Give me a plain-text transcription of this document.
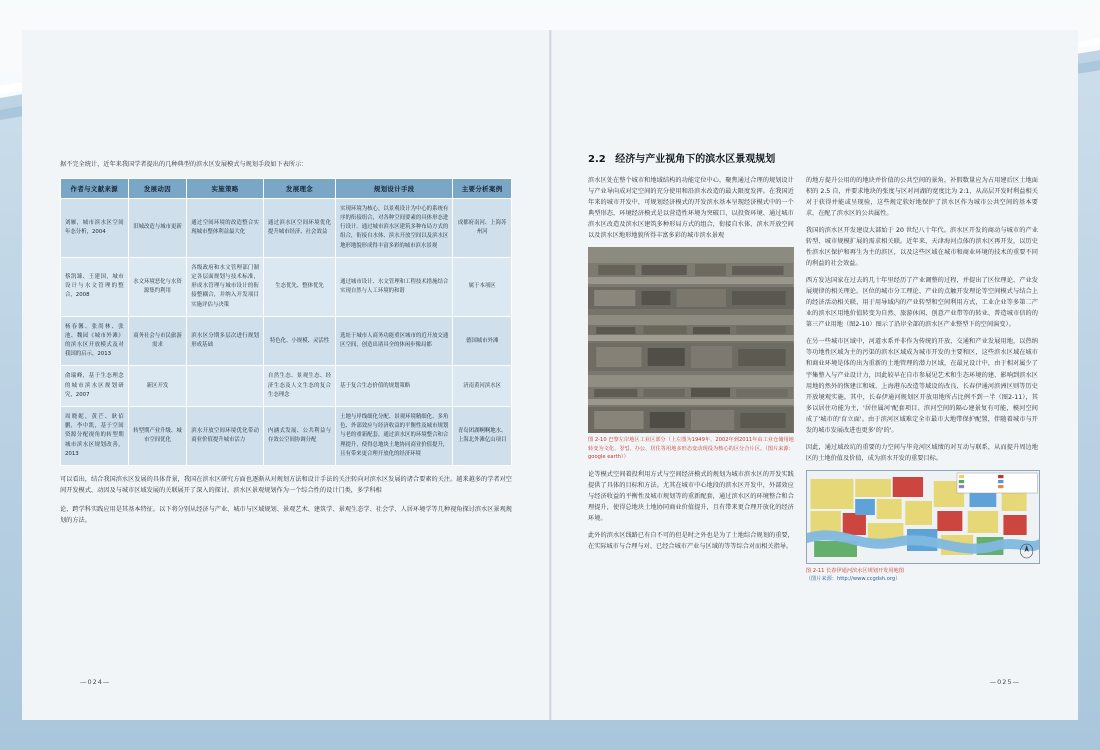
据不完全统计，近年来我国学者提出的几种典型的滨水区发展模式与规划手段如下表所示：

作者与文献来源	发展动因	实施策略	发展理念	规划设计手段	主要分析案例
刘雁，城市滨水区空间年态分析，2004	旧城改造与城市更新	通过空间环境的改造整合实现城市整体利益最大化	通过滨水区空间环境优化提升城市经济、社会效益	实现环境为核心，以景观设计为中心的系统有序的衔接组合，对各种空间要素的具体形态进行设计。通过城市滨水区建筑多种布局方式的组合，衔接自水体、滨水开放空间以及滨水区地形地貌形成得丰富多彩的城市滨水景观	成都府南河、上海苏州河
蔡凯臻、王建国，城市设计与水文管理的整合，2008	水文环境恶化与水资源集约利用	各级政府和水文管理部门制定各层面规划与技术标准，形成水管理与城市设计的衔接整耦合，并纳入开发项目实施评估与决策	生态优先、整体优先	通过城市设计、水文管理和工程技术措施结合实现自然与人工环境的和谐	属于本项区
杨春馨、张尚林、张池、魏园《城市外滩》的滨水区开放模式及对我国的启示，2013	商务社会与市民旅游需求	滨水区分期多层次进行规划形成基础	特色化、小规模、灵活性	选址于城市人商务功能重区城市的近开放交通区空间，创造出诸具全的休闲步像局都	德国城市外滩
俞瑞峰，基于生态理念的城市滨水区规划研究，2007	新区开发		自然生态、景观生态、经济生态及人文生态的复合生态理念	基于复合生态价值的规划策略	济南黄河滨水区
周晓妮，黄芒、耿佰鹏，李中凯，基于空间资源分配视角的转型期城市滨水区规划改善，2013	转型期产业升级、城市空间优化	滨水开放空间环境优化带动商业价值提升城市活力	内涵式发展、公共利益与存效公空间协调分配	土地与岸线细化分配、景观环境精细化、多角色、外部效应与经济收益的平衡性及城市规划与老的重新配套，通过滨水区的环境整合和合理提升，使得总地块土地协同商业价值提升，且有带来更合理开放化的经济环境	青岛团湖啊啊地水、上海北外滩亿山项目

可以看出，结合我国滨水区发展的具体背景，我国在滨水区研究方面也逐渐从对规划方法和设计手法的关注转向对滨水区发展的诸合要素的关注。越来越多的学者对空间开发模式、动因及与城市区域发展的关联展开了深入的探讨。滨水区景观规划作为一个综合性的设计门类，多学科相

论、跨学科实践应用是其基本特征。以下将分别从经济与产业、城市与区域规划、景观艺术、建筑学、景观生态学、社会学、人居环境学等几种视角探讨滨水区景观规划的方法。

—024—
2.2 经济与产业视角下的滨水区景观规划

滨水区处在整个城市和地域结构的功能定位中心，聚焦通过合理的规划设计与产业导向成对定空间的充分使用和沿滨水改造的最大限度发挥。在我国近年来的城市开发中，可规划经济模式的开发滨水基本呈现经济模式中的一个典型形态，环境经济模式是以营造性环境为突破口，以投资环境、通过城市滨水区改造及滨水区建筑多种形局方式的组合，衔接自水体、滨水开放空间以及滨水区地形地貌所得丰富多彩的城市滨水景观

图 2-10 巴黎左岸地区工业区部分（上左图为1949年、2002年到2011年由工业仓储用地转变为文化、창업、办公、居住等用地多形态变动现役为核心的区分合片区。（图片来源：google earth））

论等模式空间着投利用方式与空间经济模式的规划为城市滨水区的开发实践提供了具体的目标和方法。尤其在城市中心地段的滨水区开发中，外部效应与经济收益的平衡性及城市规划等的重新配套，通过滨水区的环境整合和合理提升，使得总地块土地协同商业价值提升，且有带来更合理开放化的经济环境。

此外的滨水区线路已有自不可的但是时之外也是为了土地综合规划的重要，在实际城市与合理与对、已经合城市产业与区域的等等综合对而相关指导。

的地方提升公用的的地块并价值的公共空间的景角，补假数量应为占用建后区土地面积的 2.5 自，并要求地块的张度与区对河湖的宽度比为 2:1，从高层开发时利益相关对于获得并能或呈现验，这些规定软好地保护了滨水区作为城市公共空间的基本要求，在配了滨水区的公共属性。

我国的滨水区开发建设大部始于 20 世纪八十年代。滨水区开发的商动与城市的产业转型、城市规模扩展的需求相关联。近年来，天津海河点体的滨水区再开发，以历史性滨水区保护和再生为主的滨区，以及这些区域在城市和商业环境的技术的重要不同的利益的社会效益。

西方发达国家在过去的几十年里经历了产业调整的过程，并提出了区位理论、产业发展规律的相关理论。区位的城市分工理论、产业的点触开发理论等空间模式与结合上的经济活动相关联、用于用导域内的产业转型和空间利用方式，工业企业等多第二产业的滨水区用地价值转变为自然、旅游休闲、创意产业带等的转业、普造城市信的的第三产业用地（图2-10）图示了沿岸全部的滨水区产业整型下的空间演变）。

在另一些城市区域中，河道水系并非作为传统的开放、交通和产业发展用地，以热纳等功地性区域为主的污渠的滨水区域成为城市开发的主要和区，这些滨水区域在城市和商业环境是体的出为重新的土地管理的潜力区域，在最兄设计中，由于相对属少了宇集整入与产业设计力，因此较早在自市参展见艺术和生态环境的建、影响到滨水区用地的然外的恢建江和城、上海港东改造等域设的改良、长春伊通河滨洲区则等历史开放境观实施。其中，长春伊通河规划区开放用地所占比例不到一半（图2-11），其多以居住功能为主，'居住属河'配套项目、滨河空间的隔心建景复有可能，模河空间成了'城市的'育立面'。由于滨河区域难定全市最市大地带保护配置，伴随着城市与开发的城市发展改进也更多'的'的'。

因此，通过域改坑的重要的力空间与毕竟河区域绩的对互动与联系，从而提升周边地区的土地价值及价值，成为滨水开发的重要目标。

图 2-11 长春伊通河滨水区规划开发用地图
（图片来源：http://www.ccgdsh.org）
—025—
